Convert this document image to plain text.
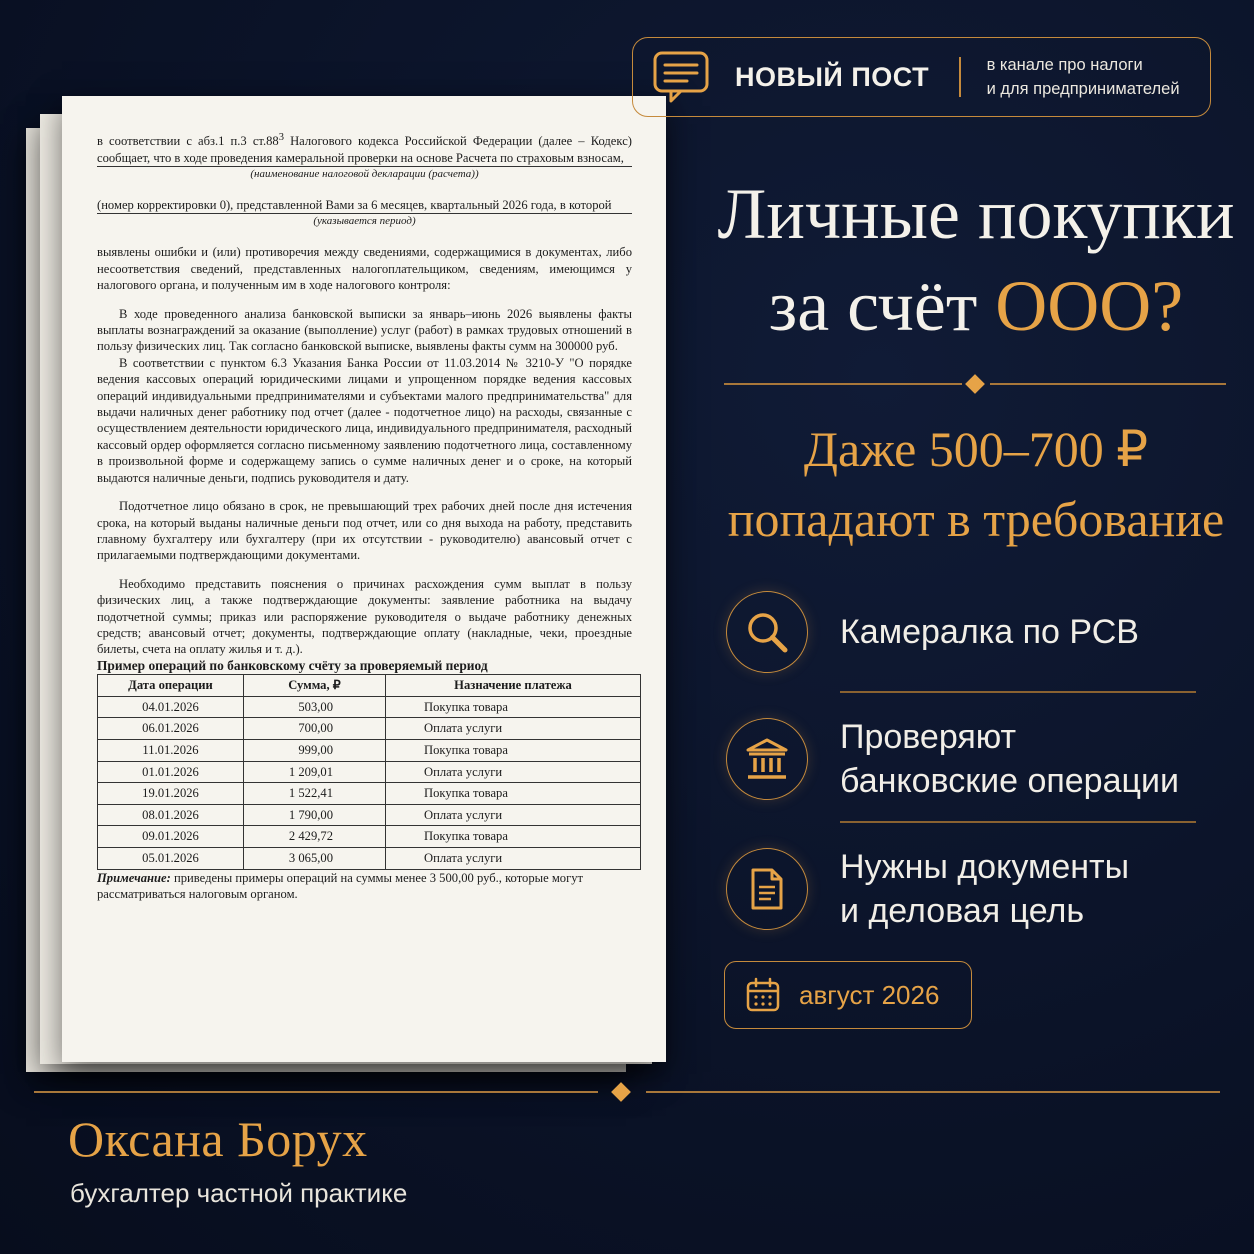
в соответствии с абз.1 п.3 $ст.88^3$ Налогового кодекса Российской Федерации (далее – Кодекс) сообщает, что в ходе проведения камеральной проверки на основе Расчета по страховым взносам,

(наименование налоговой декларации (расчета))

(номер корректировки 0), представленной Вами за 6 месяцев, квартальный 2026 года, в которой

(указывается период)

выявлены ошибки и (или) противоречия между сведениями, содержащимися в документах, либо несоответствия сведений, представленных налогоплательщиком, сведениям, имеющимся у налогового органа, и полученным им в ходе налогового контроля:

В ходе проведенного анализа банковской выписки за январь–июнь 2026 выявлены факты выплаты вознаграждений за оказание (выполление) услуг (работ) в рамках трудовых отношений в пользу физических лиц. Так согласно банковской выписке, выявлены факты сумм на 300000 руб.

В соответствии с пунктом 6.3 Указания Банка России от 11.03.2014 № 3210-У "О порядке ведения кассовых операций юридическими лицами и упрощенном порядке ведения кассовых операций индивидуальными предпринимателями и субъектами малого предпринимательства" для выдачи наличных денег работнику под отчет (далее - подотчетное лицо) на расходы, связанные с осуществлением деятельности юридического лица, индивидуального предпринимателя, расходный кассовый ордер оформляется согласно письменному заявлению подотчетного лица, составленному в произвольной форме и содержащему запись о сумме наличных денег и о сроке, на который выдаются наличные деньги, подпись руководителя и дату.

Подотчетное лицо обязано в срок, не превышающий трех рабочих дней после дня истечения срока, на который выданы наличные деньги под отчет, или со дня выхода на работу, представить главному бухгалтеру или бухгалтеру (при их отсутствии - руководителю) авансовый отчет с прилагаемыми подтверждающими документами.

Необходимо представить пояснения о причинах расхождения сумм выплат в пользу физических лиц, а также подтверждающие документы: заявление работника на выдачу подотчетной суммы; приказ или распоряжение руководителя о выдаче работнику денежных средств; авансовый отчет; документы, подтверждающие оплату (накладные, чеки, проездные билеты, счета на оплату жилья и т. д.).

Пример операций по банковскому счёту за проверяемый период

Дата операции	Сумма, ₽	Назначение платежа
04.01.2026	503,00	Покупка товара
06.01.2026	700,00	Оплата услуги
11.01.2026	999,00	Покупка товара
01.01.2026	1 209,01	Оплата услуги
19.01.2026	1 522,41	Покупка товара
08.01.2026	1 790,00	Оплата услуги
09.01.2026	2 429,72	Покупка товара
05.01.2026	3 065,00	Оплата услуги

Примечание: приведены примеры операций на суммы менее 3 500,00 руб., которые могут рассматриваться налоговым органом.

НОВЫЙ ПОСТ	в канале про налоги
и для предпринимателей
Личные покупки
за счёт ООО?
Даже 500–700 ₽
попадают в требование
Камералка по РСВ
Проверяют
банковские операции
Нужны документы
и деловая цель
август 2026
Оксана Борух
бухгалтер частной практике
